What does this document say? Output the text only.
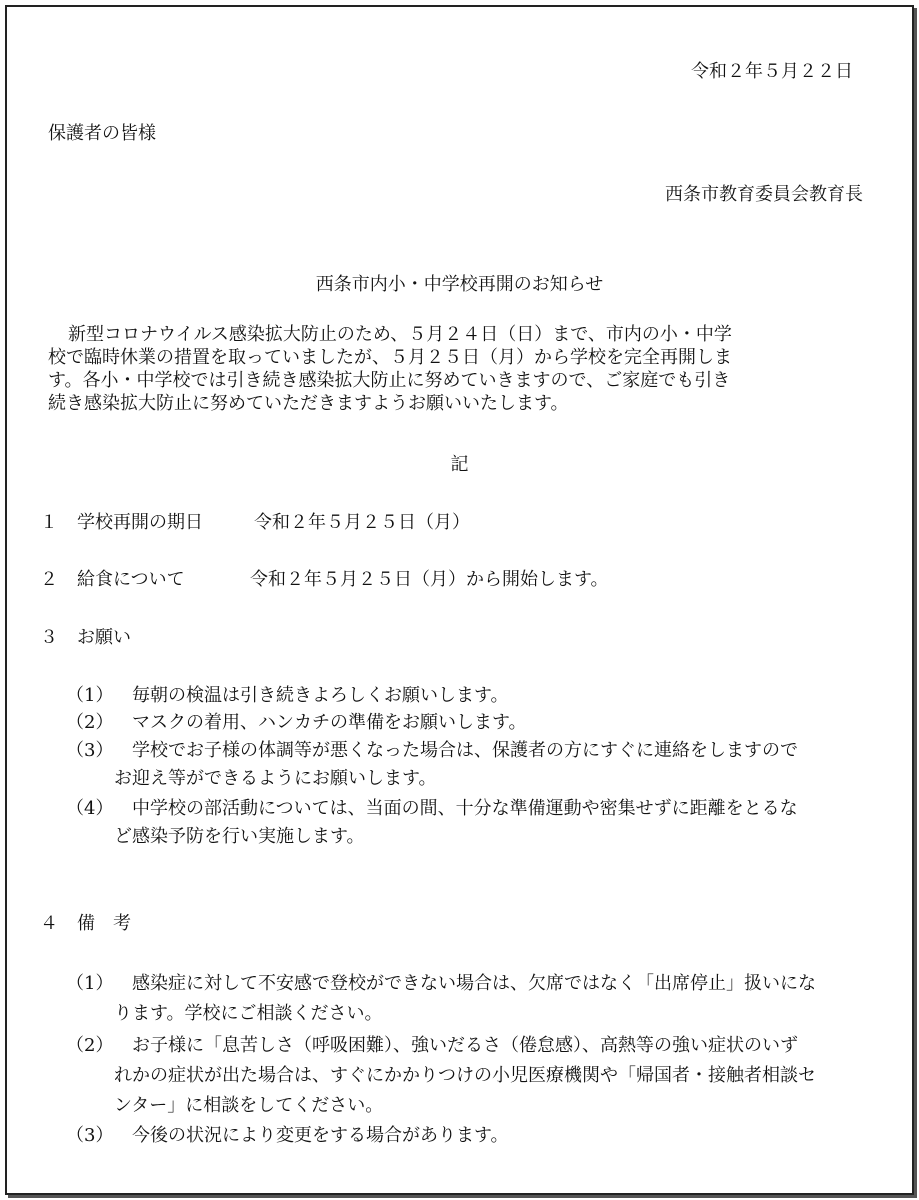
令和２年５月２２日
保護者の皆様
西条市教育委員会教育長
西条市内小・中学校再開のお知らせ
新型コロナウイルス感染拡大防止のため、５月２４日（日）まで、市内の小・中学
校で臨時休業の措置を取っていましたが、５月２５日（月）から学校を完全再開しま
す。各小・中学校では引き続き感染拡大防止に努めていきますので、ご家庭でも引き
続き感染拡大防止に努めていただきますようお願いいたします。
記
１ 学校再開の期日	令和２年５月２５日（月）
２ 給食について	令和２年５月２５日（月）から開始します。
３ お願い
（1） 毎朝の検温は引き続きよろしくお願いします。
（2） マスクの着用、ハンカチの準備をお願いします。
（3） 学校でお子様の体調等が悪くなった場合は、保護者の方にすぐに連絡をしますので
お迎え等ができるようにお願いします。
（4） 中学校の部活動については、当面の間、十分な準備運動や密集せずに距離をとるな
ど感染予防を行い実施します。
４ 備　考
（1） 感染症に対して不安感で登校ができない場合は、欠席ではなく「出席停止」扱いにな
ります。学校にご相談ください。
（2） お子様に「息苦しさ（呼吸困難）、強いだるさ（倦怠感）、高熱等の強い症状のいず
れかの症状が出た場合は、すぐにかかりつけの小児医療機関や「帰国者・接触者相談セ
ンター」に相談をしてください。
（3） 今後の状況により変更をする場合があります。
